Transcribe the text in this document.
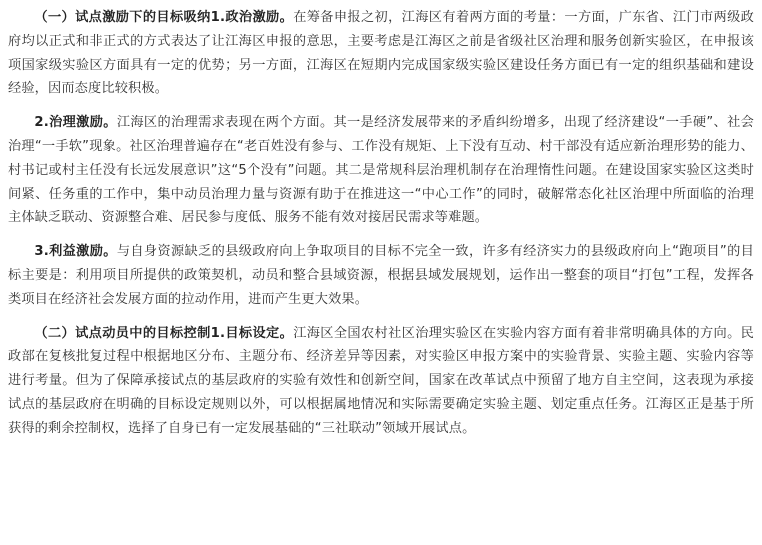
（一）试点激励下的目标吸纳1.政治激励。在筹备申报之初，江海区有着两方面的考量：一方面，广东省、江门市两级政府均以正式和非正式的方式表达了让江海区申报的意思，主要考虑是江海区之前是省级社区治理和服务创新实验区，在申报该项国家级实验区方面具有一定的优势；另一方面，江海区在短期内完成国家级实验区建设任务方面已有一定的组织基础和建设经验，因而态度比较积极。

2.治理激励。江海区的治理需求表现在两个方面。其一是经济发展带来的矛盾纠纷增多，出现了经济建设“一手硬”、社会治理“一手软”现象。社区治理普遍存在“老百姓没有参与、工作没有规矩、上下没有互动、村干部没有适应新治理形势的能力、村书记或村主任没有长远发展意识”这“5个没有”问题。其二是常规科层治理机制存在治理惰性问题。在建设国家实验区这类时间紧、任务重的工作中，集中动员治理力量与资源有助于在推进这一“中心工作”的同时，破解常态化社区治理中所面临的治理主体缺乏联动、资源整合难、居民参与度低、服务不能有效对接居民需求等难题。

3.利益激励。与自身资源缺乏的县级政府向上争取项目的目标不完全一致，许多有经济实力的县级政府向上“跑项目”的目标主要是：利用项目所提供的政策契机，动员和整合县域资源，根据县域发展规划，运作出一整套的项目“打包”工程，发挥各类项目在经济社会发展方面的拉动作用，进而产生更大效果。

（二）试点动员中的目标控制1.目标设定。江海区全国农村社区治理实验区在实验内容方面有着非常明确具体的方向。民政部在复核批复过程中根据地区分布、主题分布、经济差异等因素，对实验区申报方案中的实验背景、实验主题、实验内容等进行考量。但为了保障承接试点的基层政府的实验有效性和创新空间，国家在改革试点中预留了地方自主空间，这表现为承接试点的基层政府在明确的目标设定规则以外，可以根据属地情况和实际需要确定实验主题、划定重点任务。江海区正是基于所获得的剩余控制权，选择了自身已有一定发展基础的“三社联动”领域开展试点。
